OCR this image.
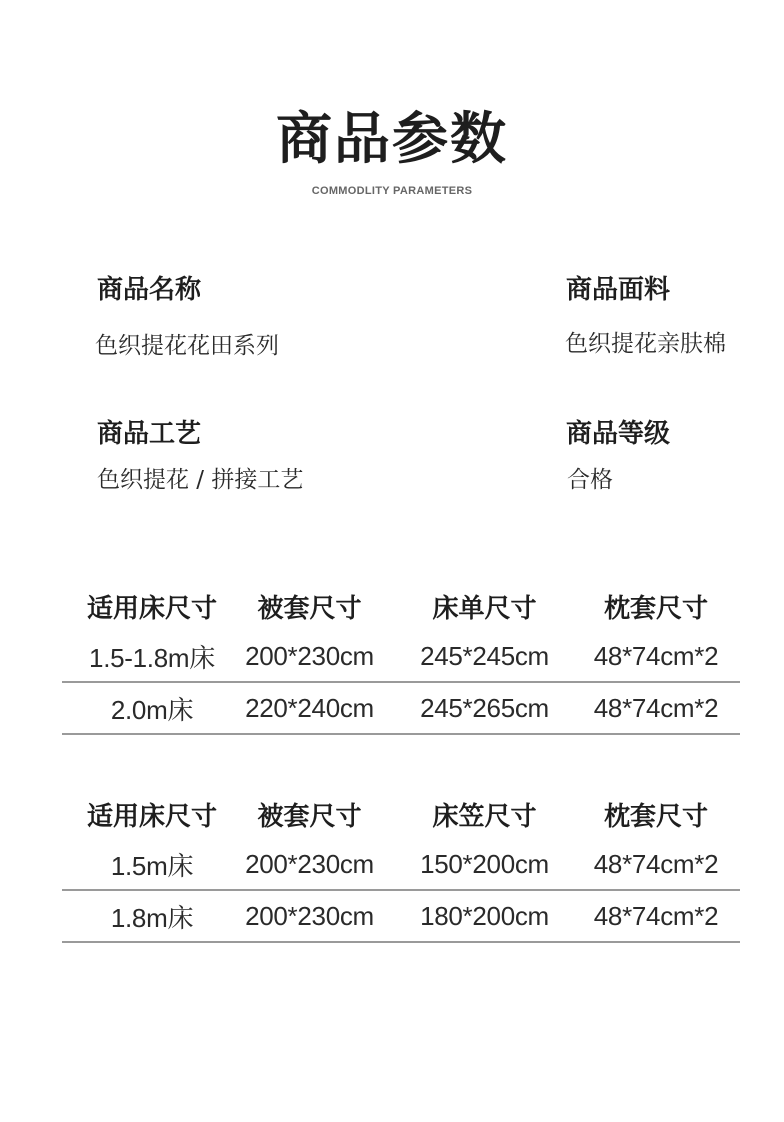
商品参数
COMMODLITY PARAMETERS
商品名称
色织提花花田系列
商品面料
色织提花亲肤棉
商品工艺
色织提花 / 拼接工艺
商品等级
合格
适用床尺寸	被套尺寸	床单尺寸	枕套尺寸
1.5-1.8m床	200*230cm	245*245cm	48*74cm*2
2.0m床	220*240cm	245*265cm	48*74cm*2
适用床尺寸	被套尺寸	床笠尺寸	枕套尺寸
1.5m床	200*230cm	150*200cm	48*74cm*2
1.8m床	200*230cm	180*200cm	48*74cm*2
